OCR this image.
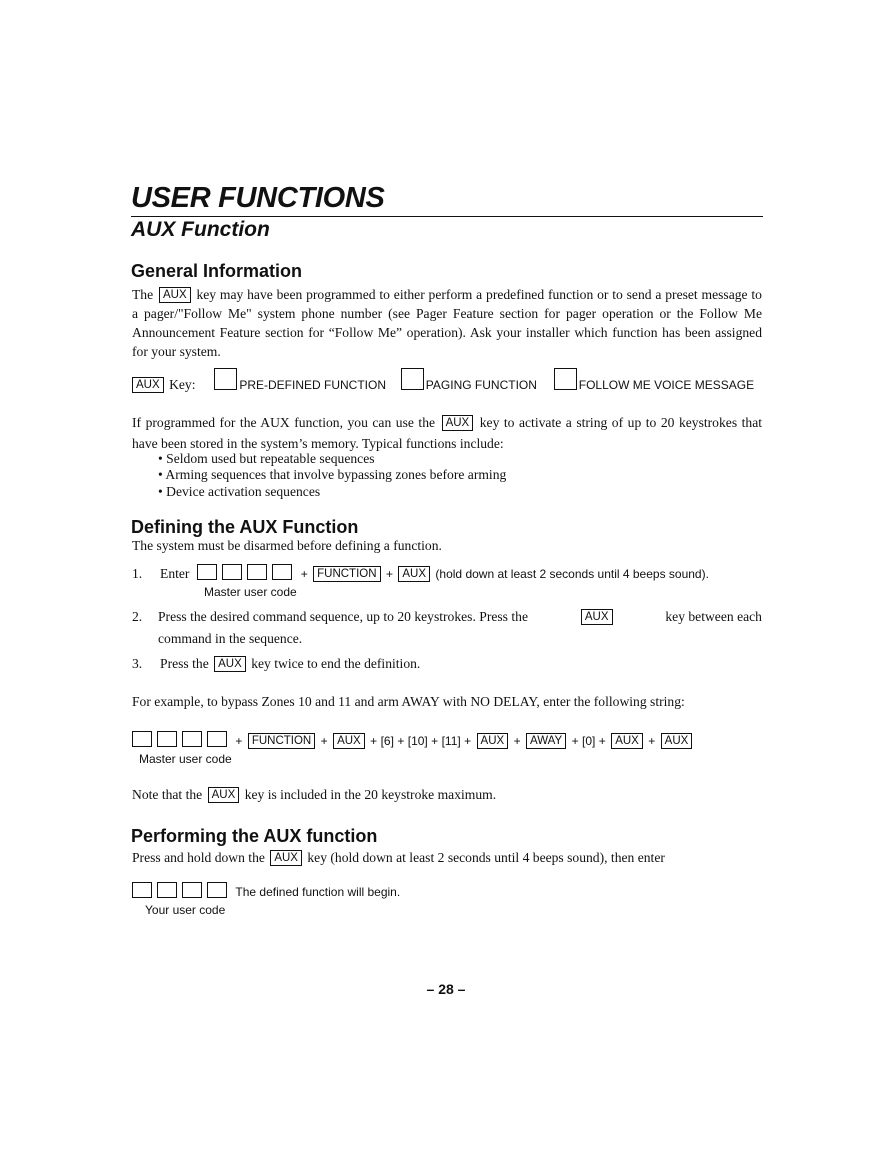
USER FUNCTIONS
AUX Function
General Information
The AUX key may have been programmed to either perform a predefined function or to send a preset message to a pager/"Follow Me" system phone number (see Pager Feature section for pager operation or the Follow Me Announcement Feature section for “Follow Me” operation). Ask your installer which function has been assigned for your system.
AUX Key:	PRE-DEFINED FUNCTION	PAGING FUNCTION	FOLLOW ME VOICE MESSAGE
If programmed for the AUX function, you can use the AUX key to activate a string of up to 20 keystrokes that have been stored in the system’s memory. Typical functions include:
• Seldom used but repeatable sequences
• Arming sequences that involve bypassing zones before arming
• Device activation sequences
Defining the AUX Function
The system must be disarmed before defining a function.
1. Enter	+ FUNCTION + AUX (hold down at least 2 seconds until 4 beeps sound).
Master user code
2. Press the desired command sequence, up to 20 keystrokes. Press the	AUX	key between each
command in the sequence.
3. Press the AUX key twice to end the definition.
For example, to bypass Zones 10 and 11 and arm AWAY with NO DELAY, enter the following string:
+ FUNCTION + AUX + [6] + [10] + [11] + AUX + AWAY + [0] + AUX + AUX
Master user code
Note that the AUX key is included in the 20 keystroke maximum.
Performing the AUX function
Press and hold down the AUX key (hold down at least 2 seconds until 4 beeps sound), then enter
The defined function will begin.
Your user code
– 28 –
